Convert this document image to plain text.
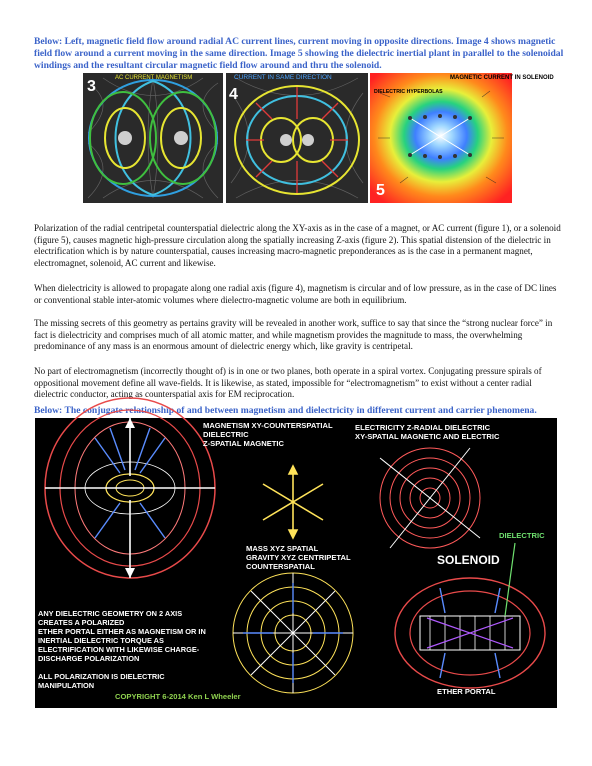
Below: Left, magnetic field flow around radial AC current lines, current moving in opposite directions. Image 4 shows magnetic field flow around a current moving in the same direction. Image 5 showing the dielectric inertial plant in parallel to the solenoidal windings and the resultant circular magnetic field flow around and thru the solenoid.
3	AC CURRENT MAGNETISM
4
CURRENT IN SAME DIRECTION	MAGNETIC CURRENT IN SOLENOID
DIELECTRIC HYPERBOLAS
5
Polarization of the radial centripetal counterspatial dielectric along the XY-axis as in the case of a magnet, or AC current (figure 1), or a solenoid (figure 5), causes magnetic high-pressure circulation along the spatially increasing Z-axis (figure 2). This spatial distension of the dielectric in electrification which is by nature counterspatial, causes increasing macro-magnetic preponderances as is the case in a permanent magnet, electromagnet, solenoid, AC current and likewise.
When dielectricity is allowed to propagate along one radial axis (figure 4), magnetism is circular and of low pressure, as in the case of DC lines or conventional stable inter-atomic volumes where dielectro-magnetic volume are both in equilibrium.
The missing secrets of this geometry as pertains gravity will be revealed in another work, suffice to say that since the “strong nuclear force” in fact is dielectricity and comprises much of all atomic matter, and while magnetism provides the magnitude to mass, the overwhelming predominance of any mass is an enormous amount of dielectric energy which, like gravity is centripetal.
No part of electromagnetism (incorrectly thought of) is in one or two planes, both operate in a spiral vortex. Conjugating pressure spirals of oppositional movement define all wave-fields. It is likewise, as stated, impossible for “electromagnetism” to exist without a center radial dielectric conductor, acting as counterspatial axis for EM reciprocation.
Below: The conjugate relationship of and between magnetism and dielectricity in different current and carrier phenomena.
MAGNETISM XY-COUNTERSPATIAL
DIELECTRIC
Z-SPATIAL MAGNETIC
ELECTRICITY Z-RADIAL DIELECTRIC
XY-SPATIAL MAGNETIC AND ELECTRIC
DIELECTRIC
MASS XYZ SPATIAL
GRAVITY XYZ CENTRIPETAL
COUNTERSPATIAL	SOLENOID
ETHER PORTAL
ANY DIELECTRIC GEOMETRY ON 2 AXIS
CREATES A POLARIZED
ETHER PORTAL EITHER AS MAGNETISM OR IN
INERTIAL DIELECTRIC TORQUE AS
ELECTRIFICATION WITH LIKEWISE CHARGE-
DISCHARGE POLARIZATION
ALL POLARIZATION IS DIELECTRIC
MANIPULATION
COPYRIGHT 6-2014 Ken L Wheeler
